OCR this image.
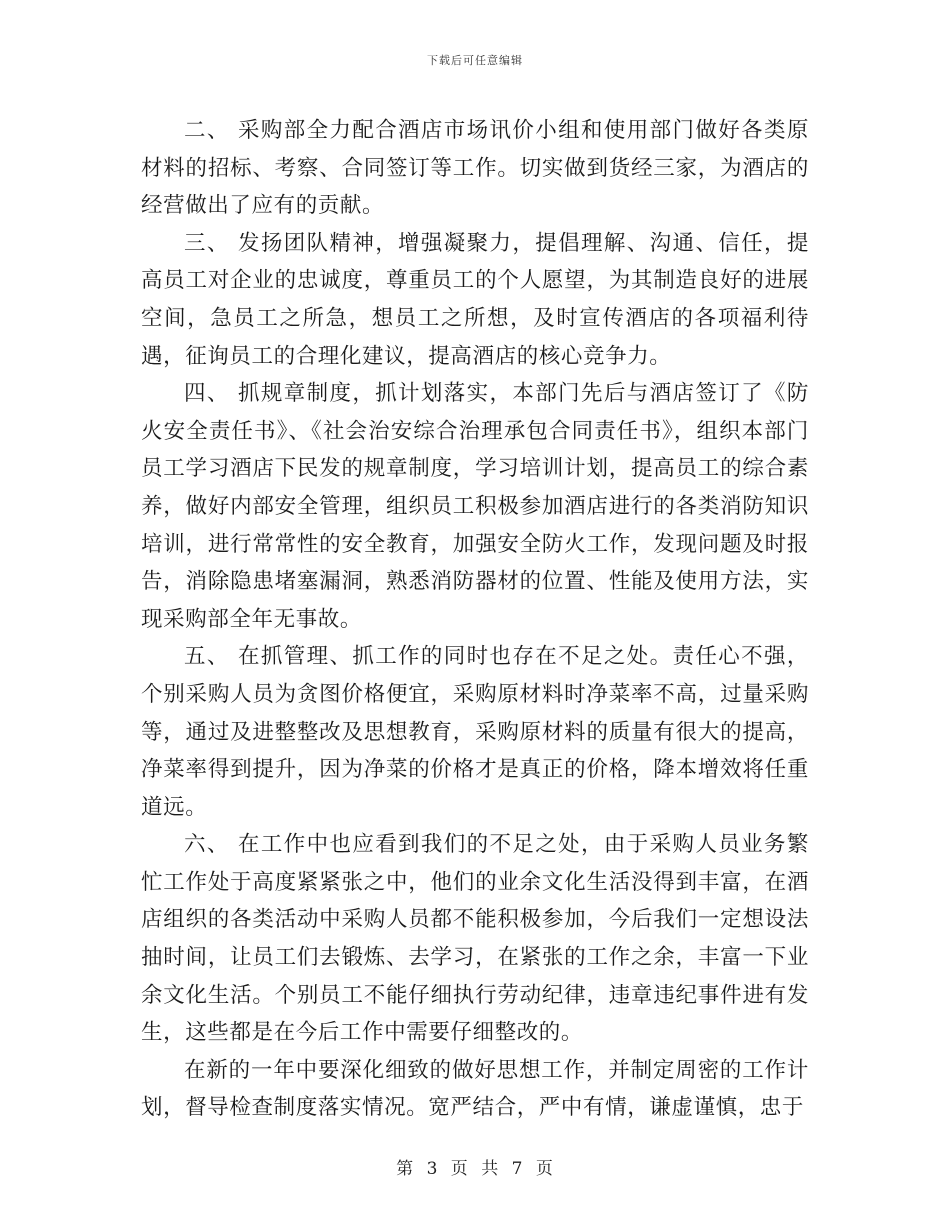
下载后可任意编辑

二、 采购部全力配合酒店市场讯价小组和使用部门做好各类原材料的招标、考察、合同签订等工作。切实做到货经三家，为酒店的经营做出了应有的贡献。

三、 发扬团队精神，增强凝聚力，提倡理解、沟通、信任，提高员工对企业的忠诚度，尊重员工的个人愿望，为其制造良好的进展空间，急员工之所急，想员工之所想，及时宣传酒店的各项福利待遇，征询员工的合理化建议，提高酒店的核心竞争力。

四、 抓规章制度，抓计划落实，本部门先后与酒店签订了《防火安全责任书》、《社会治安综合治理承包合同责任书》，组织本部门员工学习酒店下民发的规章制度，学习培训计划，提高员工的综合素养，做好内部安全管理，组织员工积极参加酒店进行的各类消防知识培训，进行常常性的安全教育，加强安全防火工作，发现问题及时报告，消除隐患堵塞漏洞，熟悉消防器材的位置、性能及使用方法，实现采购部全年无事故。

五、 在抓管理、抓工作的同时也存在不足之处。责任心不强，个别采购人员为贪图价格便宜，采购原材料时净菜率不高，过量采购等，通过及进整整改及思想教育，采购原材料的质量有很大的提高，净菜率得到提升，因为净菜的价格才是真正的价格，降本增效将任重道远。

六、 在工作中也应看到我们的不足之处，由于采购人员业务繁忙工作处于高度紧紧张之中，他们的业余文化生活没得到丰富，在酒店组织的各类活动中采购人员都不能积极参加，今后我们一定想设法抽时间，让员工们去锻炼、去学习，在紧张的工作之余，丰富一下业余文化生活。个别员工不能仔细执行劳动纪律，违章违纪事件进有发生，这些都是在今后工作中需要仔细整改的。

在新的一年中要深化细致的做好思想工作，并制定周密的工作计划，督导检查制度落实情况。宽严结合，严中有情，谦虚谨慎，忠于

第 3 页 共 7 页
